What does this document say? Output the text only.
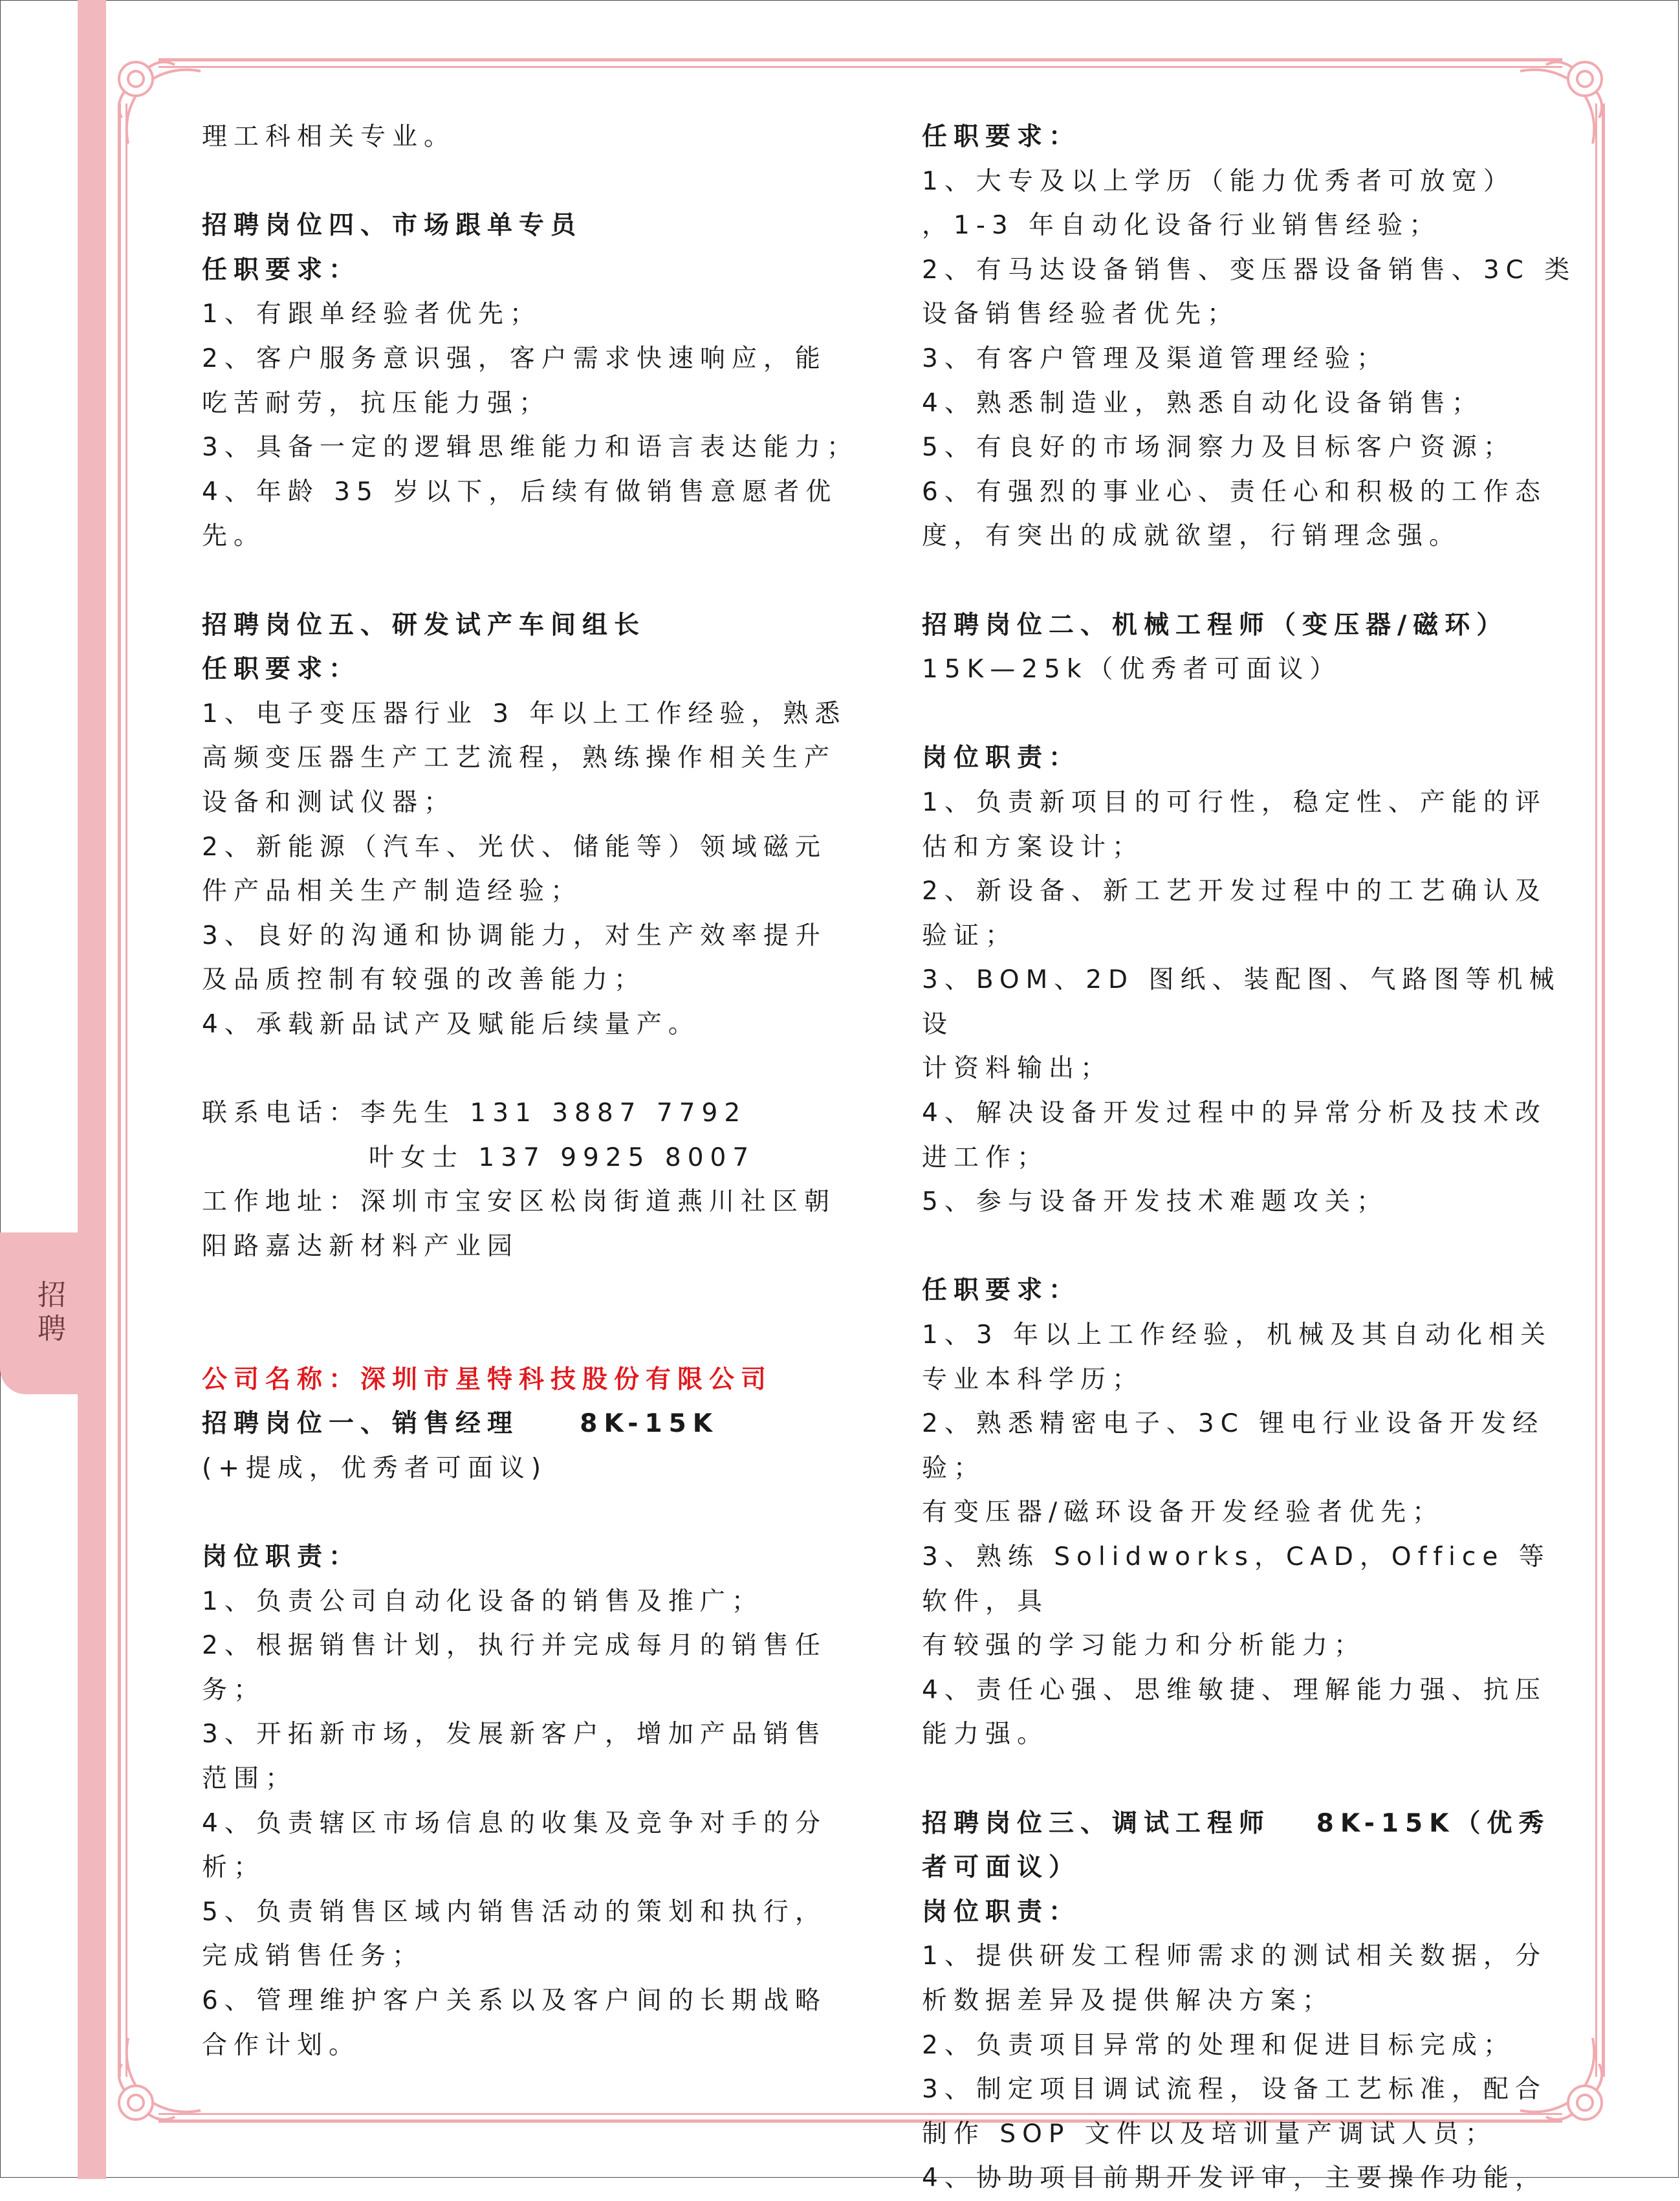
招聘

理工科相关专业。

招聘岗位四、市场跟单专员

任职要求：

1、有跟单经验者优先；

2、客户服务意识强，客户需求快速响应，能

吃苦耐劳，抗压能力强；

3、具备一定的逻辑思维能力和语言表达能力；

4、年龄 35 岁以下，后续有做销售意愿者优先。

招聘岗位五、研发试产车间组长

任职要求：

1、电子变压器行业 3 年以上工作经验，熟悉

高频变压器生产工艺流程，熟练操作相关生产

设备和测试仪器；

2、新能源（汽车、光伏、储能等）领域磁元

件产品相关生产制造经验；

3、良好的沟通和协调能力，对生产效率提升

及品质控制有较强的改善能力；

4、承载新品试产及赋能后续量产。

联系电话：李先生 131 3887 7792

叶女士 137 9925 8007

工作地址：深圳市宝安区松岗街道燕川社区朝

阳路嘉达新材料产业园

公司名称：深圳市星特科技股份有限公司

招聘岗位一、销售经理    8K-15K

(+提成，优秀者可面议)

岗位职责：

1、负责公司自动化设备的销售及推广；

2、根据销售计划，执行并完成每月的销售任

务；

3、开拓新市场，发展新客户，增加产品销售

范围；

4、负责辖区市场信息的收集及竞争对手的分

析；

5、负责销售区域内销售活动的策划和执行，

完成销售任务；

6、管理维护客户关系以及客户间的长期战略

合作计划。

任职要求：

1、大专及以上学历（能力优秀者可放宽）

，1-3 年自动化设备行业销售经验；

2、有马达设备销售、变压器设备销售、3C 类

设备销售经验者优先；

3、有客户管理及渠道管理经验；

4、熟悉制造业，熟悉自动化设备销售；

5、有良好的市场洞察力及目标客户资源；

6、有强烈的事业心、责任心和积极的工作态

度，有突出的成就欲望，行销理念强。

招聘岗位二、机械工程师（变压器/磁环）

15K—25k（优秀者可面议）

岗位职责：

1、负责新项目的可行性，稳定性、产能的评

估和方案设计；

2、新设备、新工艺开发过程中的工艺确认及

验证；

3、BOM、2D 图纸、装配图、气路图等机械设

计资料输出；

4、解决设备开发过程中的异常分析及技术改

进工作；

5、参与设备开发技术难题攻关；

任职要求：

1、3 年以上工作经验，机械及其自动化相关

专业本科学历；

2、熟悉精密电子、3C 锂电行业设备开发经验；

有变压器/磁环设备开发经验者优先；

3、熟练 Solidworks，CAD，Office 等软件，具

有较强的学习能力和分析能力；

4、责任心强、思维敏捷、理解能力强、抗压

能力强。

招聘岗位三、调试工程师   8K-15K（优秀

者可面议）

岗位职责：

1、提供研发工程师需求的测试相关数据，分

析数据差异及提供解决方案；

2、负责项目异常的处理和促进目标完成；

3、制定项目调试流程，设备工艺标准，配合

制作 SOP 文件以及培训量产调试人员；

4、协助项目前期开发评审，主要操作功能，
